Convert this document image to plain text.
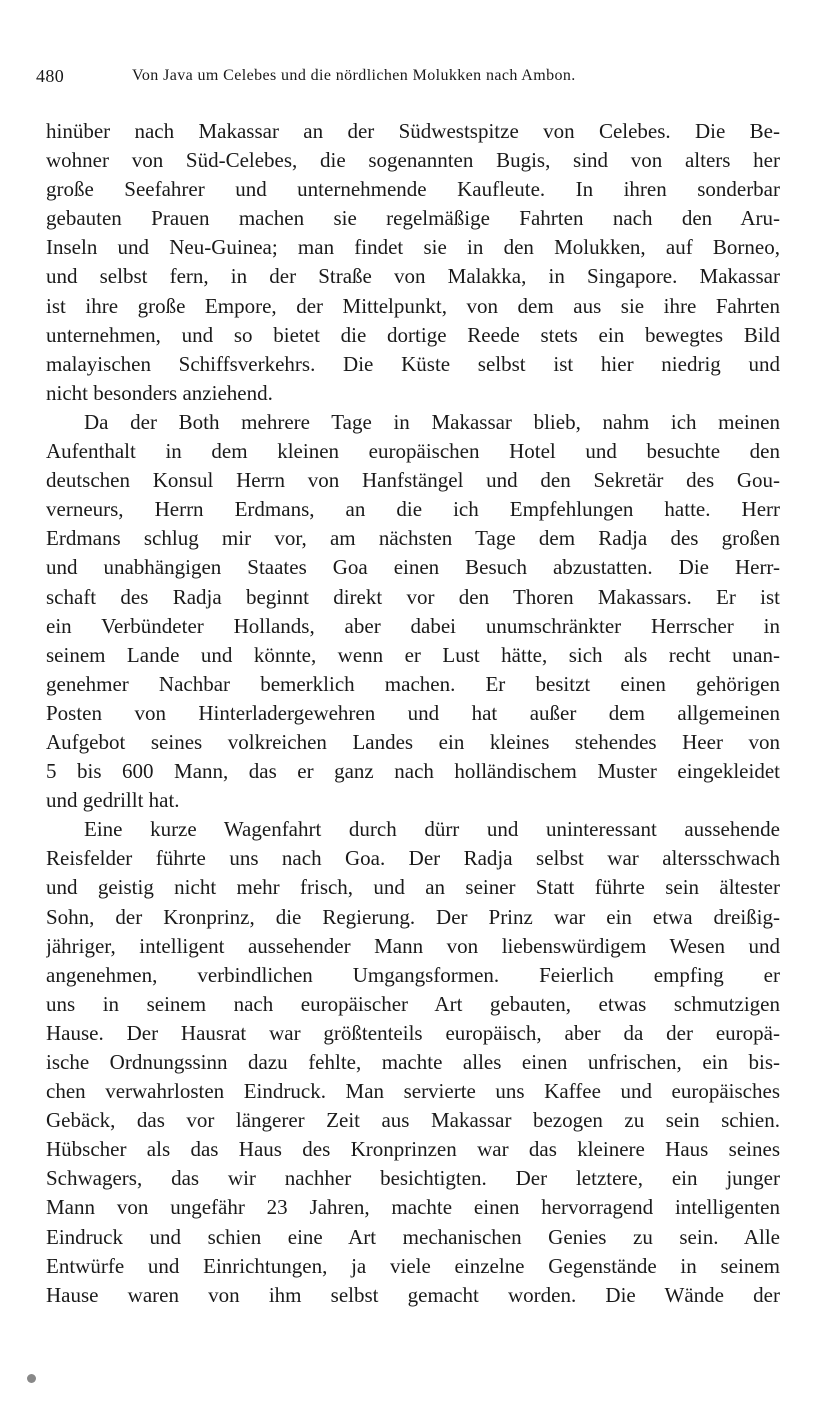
480	Von Java um Celebes und die nördlichen Molukken nach Ambon.
hinüber nach Makassar an der Südwestspitze von Celebes. Die Be-
wohner von Süd-Celebes, die sogenannten Bugis, sind von alters her
große Seefahrer und unternehmende Kaufleute. In ihren sonderbar
gebauten Prauen machen sie regelmäßige Fahrten nach den Aru-
Inseln und Neu-Guinea; man findet sie in den Molukken, auf Borneo,
und selbst fern, in der Straße von Malakka, in Singapore. Makassar
ist ihre große Empore, der Mittelpunkt, von dem aus sie ihre Fahrten
unternehmen, und so bietet die dortige Reede stets ein bewegtes Bild
malayischen Schiffsverkehrs. Die Küste selbst ist hier niedrig und
nicht besonders anziehend.
Da der Both mehrere Tage in Makassar blieb, nahm ich meinen
Aufenthalt in dem kleinen europäischen Hotel und besuchte den
deutschen Konsul Herrn von Hanfstängel und den Sekretär des Gou-
verneurs, Herrn Erdmans, an die ich Empfehlungen hatte. Herr
Erdmans schlug mir vor, am nächsten Tage dem Radja des großen
und unabhängigen Staates Goa einen Besuch abzustatten. Die Herr-
schaft des Radja beginnt direkt vor den Thoren Makassars. Er ist
ein Verbündeter Hollands, aber dabei unumschränkter Herrscher in
seinem Lande und könnte, wenn er Lust hätte, sich als recht unan-
genehmer Nachbar bemerklich machen. Er besitzt einen gehörigen
Posten von Hinterladergewehren und hat außer dem allgemeinen
Aufgebot seines volkreichen Landes ein kleines stehendes Heer von
5 bis 600 Mann, das er ganz nach holländischem Muster eingekleidet
und gedrillt hat.
Eine kurze Wagenfahrt durch dürr und uninteressant aussehende
Reisfelder führte uns nach Goa. Der Radja selbst war altersschwach
und geistig nicht mehr frisch, und an seiner Statt führte sein ältester
Sohn, der Kronprinz, die Regierung. Der Prinz war ein etwa dreißig-
jähriger, intelligent aussehender Mann von liebenswürdigem Wesen und
angenehmen, verbindlichen Umgangsformen. Feierlich empfing er
uns in seinem nach europäischer Art gebauten, etwas schmutzigen
Hause. Der Hausrat war größtenteils europäisch, aber da der europä-
ische Ordnungssinn dazu fehlte, machte alles einen unfrischen, ein bis-
chen verwahrlosten Eindruck. Man servierte uns Kaffee und europäisches
Gebäck, das vor längerer Zeit aus Makassar bezogen zu sein schien.
Hübscher als das Haus des Kronprinzen war das kleinere Haus seines
Schwagers, das wir nachher besichtigten. Der letztere, ein junger
Mann von ungefähr 23 Jahren, machte einen hervorragend intelligenten
Eindruck und schien eine Art mechanischen Genies zu sein. Alle
Entwürfe und Einrichtungen, ja viele einzelne Gegenstände in seinem
Hause waren von ihm selbst gemacht worden. Die Wände der
